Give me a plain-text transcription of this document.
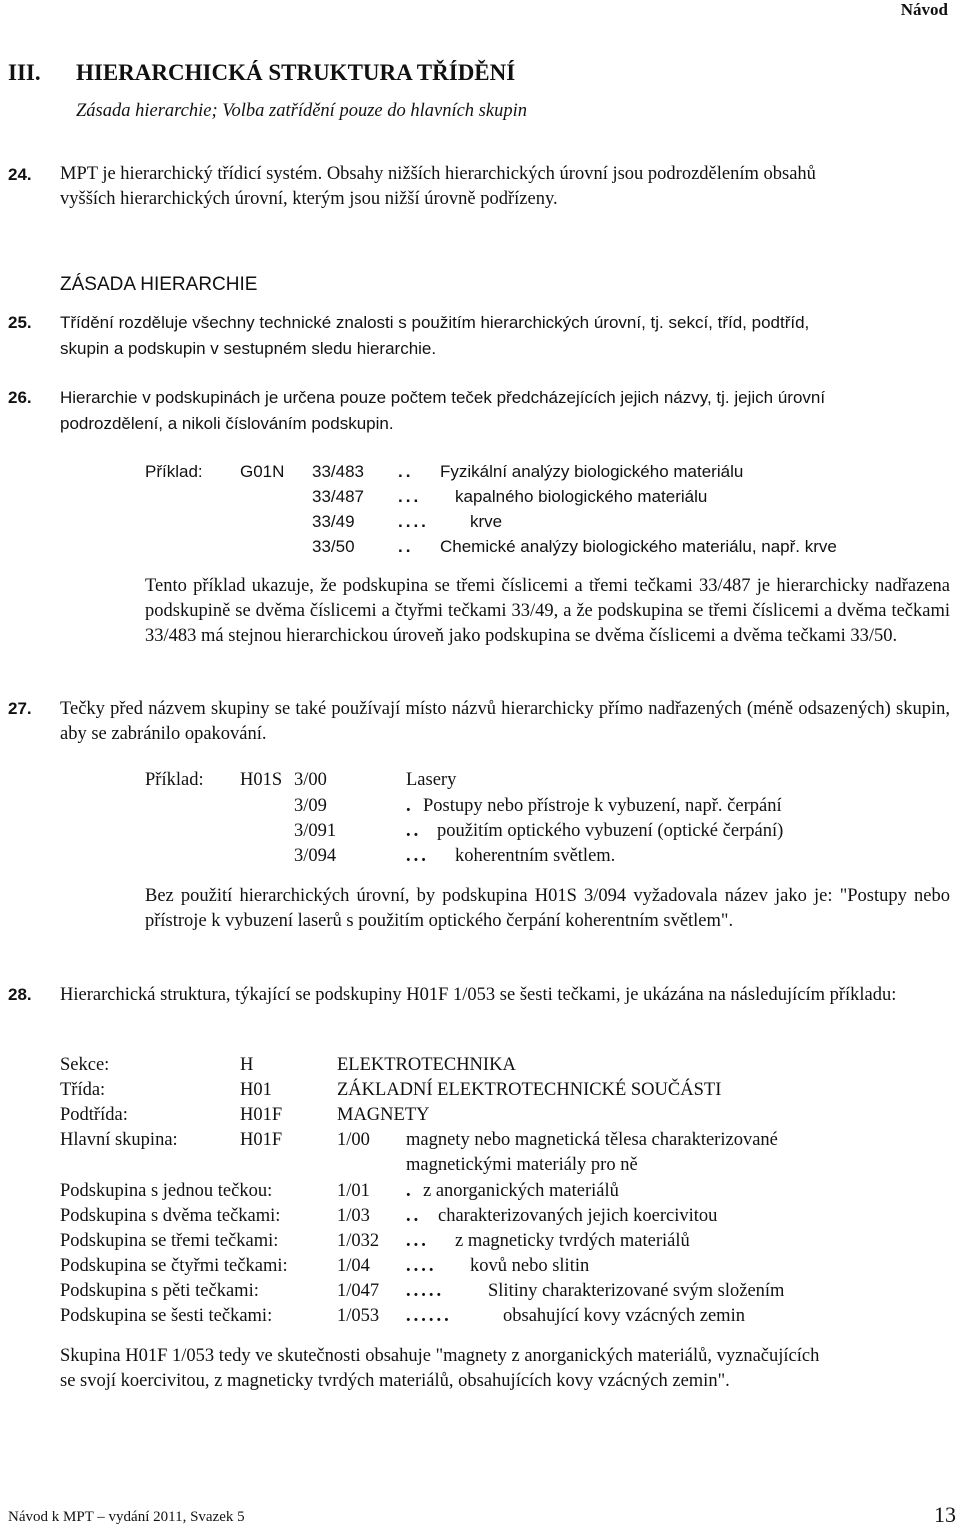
Návod
III. HIERARCHICKÁ STRUKTURA TŘÍDĚNÍ
Zásada hierarchie; Volba zatřídění pouze do hlavních skupin
24. MPT je hierarchický třídicí systém. Obsahy nižších hierarchických úrovní jsou podrozdělením obsahů
vyšších hierarchických úrovní, kterým jsou nižší úrovně podřízeny.
ZÁSADA HIERARCHIE
25. Třídění rozděluje všechny technické znalosti s použitím hierarchických úrovní, tj. sekcí, tříd, podtříd,
skupin a podskupin v sestupném sledu hierarchie.
26. Hierarchie v podskupinách je určena pouze počtem teček předcházejících jejich názvy, tj. jejich úrovní
podrozdělení, a nikoli číslováním podskupin.
Příklad: G01N 33/483 .. Fyzikální analýzy biologického materiálu
33/487 ... kapalného biologického materiálu
33/49	.... krve
33/50	.. Chemické analýzy biologického materiálu, např. krve
Tento příklad ukazuje, že podskupina se třemi číslicemi a třemi tečkami 33/487 je hierarchicky nadřazena podskupině se dvěma číslicemi a čtyřmi tečkami 33/49, a že podskupina se třemi číslicemi a dvěma tečkami 33/483 má stejnou hierarchickou úroveň jako podskupina se dvěma číslicemi a dvěma tečkami 33/50.
27. Tečky před názvem skupiny se také používají místo názvů hierarchicky přímo nadřazených (méně odsazených) skupin, aby se zabránilo opakování.
Příklad: H01S 3/00	Lasery
3/09	. Postupy nebo přístroje k vybuzení, např. čerpání
3/091	.. použitím optického vybuzení (optické čerpání)
3/094	... koherentním světlem.
Bez použití hierarchických úrovní, by podskupina H01S 3/094 vyžadovala název jako je: "Postupy nebo přístroje k vybuzení laserů s použitím optického čerpání koherentním světlem".
28. Hierarchická struktura, týkající se podskupiny H01F 1/053 se šesti tečkami, je ukázána na následujícím příkladu:
Sekce:	H	ELEKTROTECHNIKA
Třída:	H01	ZÁKLADNÍ ELEKTROTECHNICKÉ SOUČÁSTI
Podtřída:	H01F	MAGNETY
Hlavní skupina:	H01F	1/00 magnety nebo magnetická tělesa charakterizované
magnetickými materiály pro ně
Podskupina s jednou tečkou:	1/01 . z anorganických materiálů
Podskupina s dvěma tečkami:	1/03 .. charakterizovaných jejich koercivitou
Podskupina se třemi tečkami:	1/032 ... z magneticky tvrdých materiálů
Podskupina se čtyřmi tečkami:	1/04 .... kovů nebo slitin
Podskupina s pěti tečkami:	1/047 ..... Slitiny charakterizované svým složením
Podskupina se šesti tečkami:	1/053 ......	obsahující kovy vzácných zemin
Skupina H01F 1/053 tedy ve skutečnosti obsahuje "magnety z anorganických materiálů, vyznačujících
se svojí koercivitou, z magneticky tvrdých materiálů, obsahujících kovy vzácných zemin".
Návod k MPT – vydání 2011, Svazek 5	13
